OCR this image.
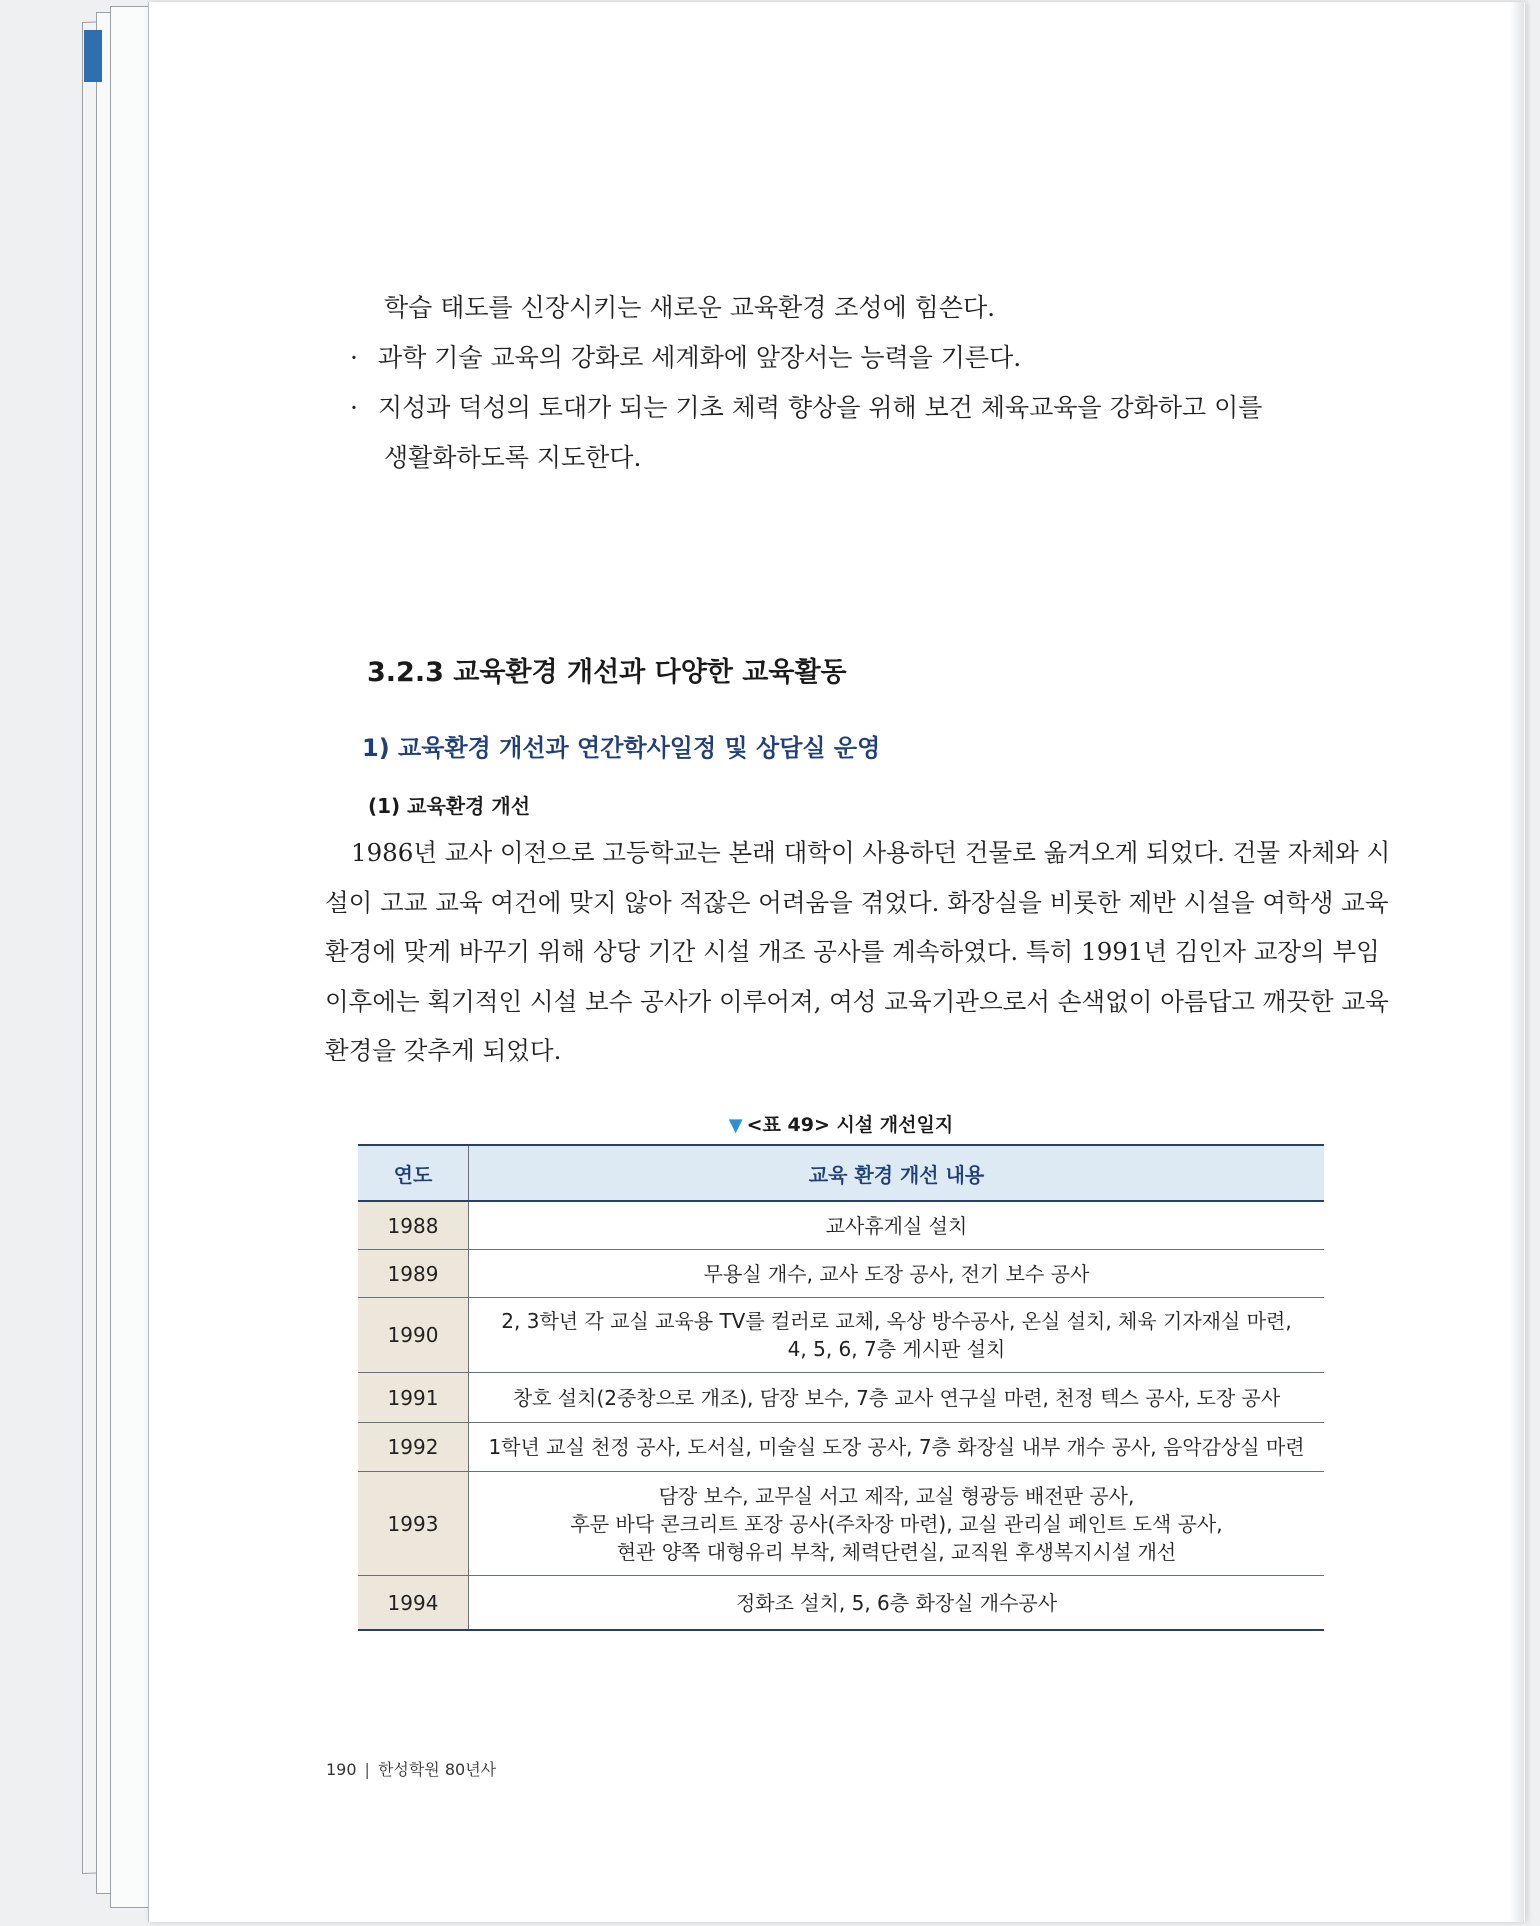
학습 태도를 신장시키는 새로운 교육환경 조성에 힘쓴다.
· 과학 기술 교육의 강화로 세계화에 앞장서는 능력을 기른다.
· 지성과 덕성의 토대가 되는 기초 체력 향상을 위해 보건 체육교육을 강화하고 이를
생활화하도록 지도한다.
3.2.3 교육환경 개선과 다양한 교육활동
1) 교육환경 개선과 연간학사일정 및 상담실 운영
(1) 교육환경 개선
1986년 교사 이전으로 고등학교는 본래 대학이 사용하던 건물로 옮겨오게 되었다. 건물 자체와 시
설이 고교 교육 여건에 맞지 않아 적잖은 어려움을 겪었다. 화장실을 비롯한 제반 시설을 여학생 교육
환경에 맞게 바꾸기 위해 상당 기간 시설 개조 공사를 계속하였다. 특히 1991년 김인자 교장의 부임
이후에는 획기적인 시설 보수 공사가 이루어져, 여성 교육기관으로서 손색없이 아름답고 깨끗한 교육
환경을 갖추게 되었다.
▼ <표 49> 시설 개선일지
연도	교육 환경 개선 내용
1988	교사휴게실 설치

1989	무용실 개수, 교사 도장 공사, 전기 보수 공사

1990	2, 3학년 각 교실 교육용 TV를 컬러로 교체, 옥상 방수공사, 온실 설치, 체육 기자재실 마련,
4, 5, 6, 7층 게시판 설치

1991	창호 설치(2중창으로 개조), 담장 보수, 7층 교사 연구실 마련, 천정 텍스 공사, 도장 공사

1992	1학년 교실 천정 공사, 도서실, 미술실 도장 공사, 7층 화장실 내부 개수 공사, 음악감상실 마련

1993	담장 보수, 교무실 서고 제작, 교실 형광등 배전판 공사,
후문 바닥 콘크리트 포장 공사(주차장 마련), 교실 관리실 페인트 도색 공사,
현관 양쪽 대형유리 부착, 체력단련실, 교직원 후생복지시설 개선

1994	정화조 설치, 5, 6층 화장실 개수공사
190 | 한성학원 80년사
